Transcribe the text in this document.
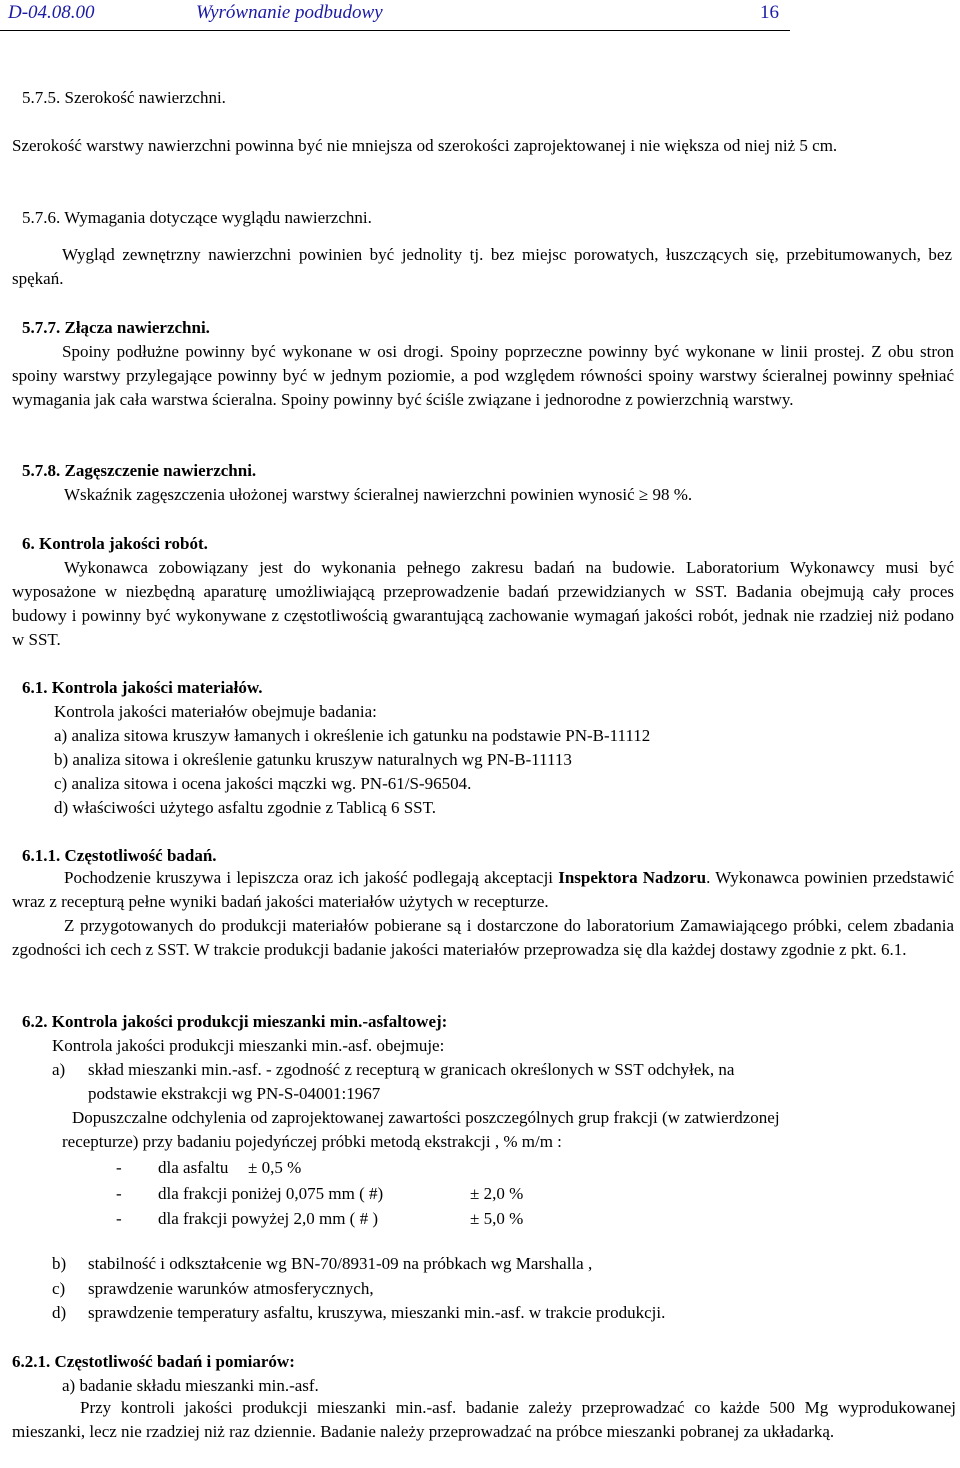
D-04.08.00	Wyrównanie podbudowy	16

5.7.5. Szerokość nawierzchni.

Szerokość warstwy nawierzchni powinna być nie mniejsza od szerokości zaprojektowanej i nie większa od niej niż 5 cm.

5.7.6. Wymagania dotyczące wyglądu nawierzchni.

Wygląd zewnętrzny nawierzchni powinien być jednolity tj. bez miejsc porowatych, łuszczących się, przebitumowanych, bez spękań.

5.7.7. Złącza nawierzchni.

Spoiny podłużne powinny być wykonane w osi drogi. Spoiny poprzeczne powinny być wykonane w linii prostej. Z obu stron spoiny warstwy przylegające powinny być w jednym poziomie, a pod względem równości spoiny warstwy ścieralnej powinny spełniać wymagania jak cała warstwa ścieralna. Spoiny powinny być ściśle związane i jednorodne z powierzchnią warstwy.

5.7.8. Zagęszczenie nawierzchni.

Wskaźnik zagęszczenia ułożonej warstwy ścieralnej nawierzchni powinien wynosić ≥ 98 %.

6. Kontrola jakości robót.

Wykonawca zobowiązany jest do wykonania pełnego zakresu badań na budowie. Laboratorium Wykonawcy musi być wyposażone w niezbędną aparaturę umożliwiającą przeprowadzenie badań przewidzianych w SST. Badania obejmują cały proces budowy i powinny być wykonywane z częstotliwością gwarantującą zachowanie wymagań jakości robót, jednak nie rzadziej niż podano w SST.

6.1. Kontrola jakości materiałów.

Kontrola jakości materiałów obejmuje badania:

a) analiza sitowa kruszyw łamanych i określenie ich gatunku na podstawie PN-B-11112

b) analiza sitowa i określenie gatunku kruszyw naturalnych wg PN-B-11113

c) analiza sitowa i ocena jakości mączki wg. PN-61/S-96504.

d) właściwości użytego asfaltu zgodnie z Tablicą 6 SST.

6.1.1. Częstotliwość badań.

Pochodzenie kruszywa i lepiszcza oraz ich jakość podlegają akceptacji Inspektora Nadzoru. Wykonawca powinien przedstawić wraz z recepturą pełne wyniki badań jakości materiałów użytych w recepturze.

Z przygotowanych do produkcji materiałów pobierane są i dostarczone do laboratorium Zamawiającego próbki, celem zbadania zgodności ich cech z SST. W trakcie produkcji badanie jakości materiałów przeprowadza się dla każdej dostawy zgodnie z pkt. 6.1.

6.2. Kontrola jakości produkcji mieszanki min.-asfaltowej:

Kontrola jakości produkcji mieszanki min.-asf. obejmuje:

a) skład mieszanki min.-asf. - zgodność z recepturą w granicach określonych w SST odchyłek, na

podstawie ekstrakcji wg PN-S-04001:1967

Dopuszczalne odchylenia od zaprojektowanej zawartości poszczególnych grup frakcji (w zatwierdzonej

recepturze) przy badaniu pojedyńczej próbki metodą ekstrakcji , % m/m :

- dla asfaltu ± 0,5 %

- dla frakcji poniżej 0,075 mm ( #)	± 2,0 %

- dla frakcji powyżej 2,0 mm ( # )	± 5,0 %

b) stabilność i odkształcenie wg BN-70/8931-09 na próbkach wg Marshalla ,

c) sprawdzenie warunków atmosferycznych,

d) sprawdzenie temperatury asfaltu, kruszywa, mieszanki min.-asf. w trakcie produkcji.

6.2.1. Częstotliwość badań i pomiarów:

a) badanie składu mieszanki min.-asf.

Przy kontroli jakości produkcji mieszanki min.-asf. badanie zależy przeprowadzać co każde 500 Mg wyprodukowanej mieszanki, lecz nie rzadziej niż raz dziennie. Badanie należy przeprowadzać na próbce mieszanki pobranej za układarką.
